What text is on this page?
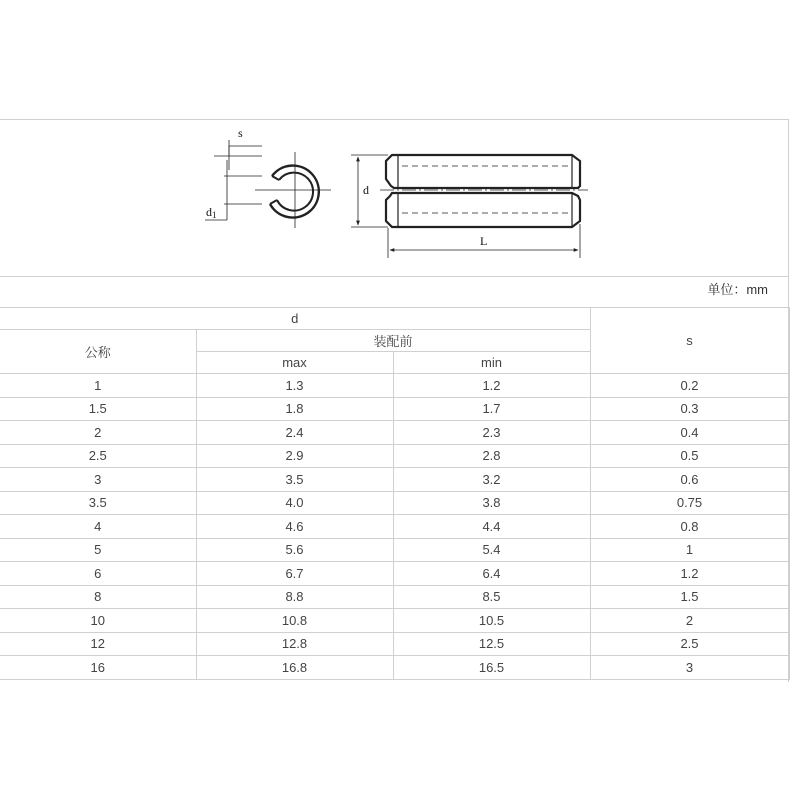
s
d1
d
L
单位：mm
d			s
公称	装配前		
	max	min	
1	1.3	1.2	0.2
1.5	1.8	1.7	0.3
2	2.4	2.3	0.4
2.5	2.9	2.8	0.5
3	3.5	3.2	0.6
3.5	4.0	3.8	0.75
4	4.6	4.4	0.8
5	5.6	5.4	1
6	6.7	6.4	1.2
8	8.8	8.5	1.5
10	10.8	10.5	2
12	12.8	12.5	2.5
16	16.8	16.5	3
